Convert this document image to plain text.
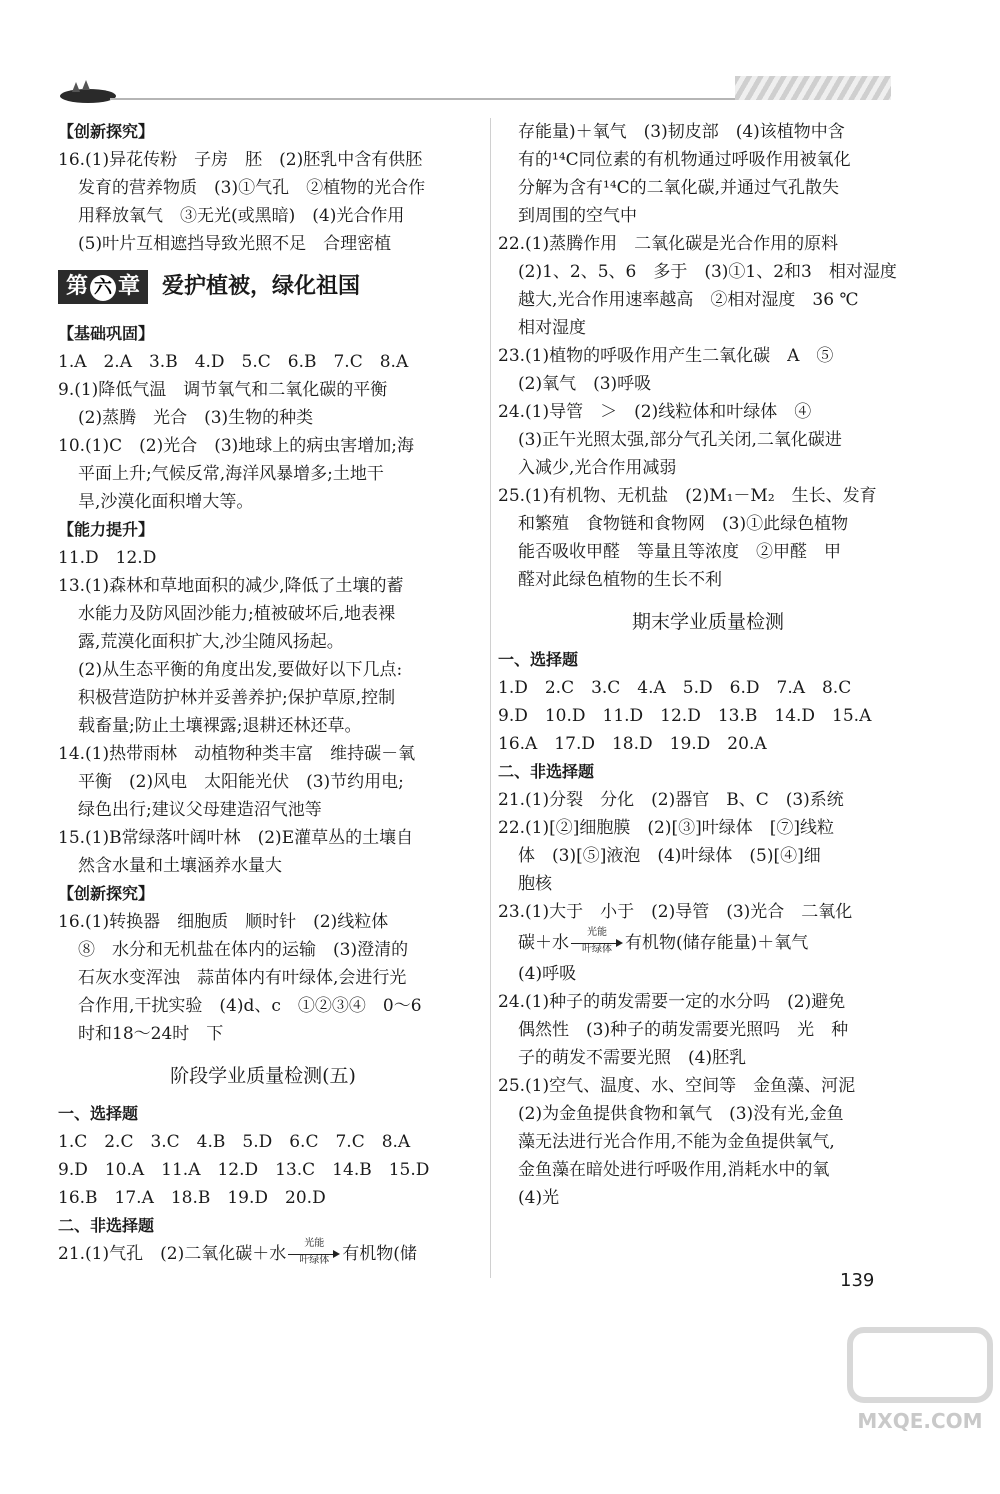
【创新探究】
16.(1)异花传粉　子房　胚　(2)胚乳中含有供胚
发育的营养物质　(3)①气孔　②植物的光合作
用释放氧气　③无光(或黑暗)　(4)光合作用
(5)叶片互相遮挡导致光照不足　合理密植
第 六 章	爱护植被，绿化祖国
【基础巩固】
1.A　2.A　3.B　4.D　5.C　6.B　7.C　8.A
9.(1)降低气温　调节氧气和二氧化碳的平衡
(2)蒸腾　光合　(3)生物的种类
10.(1)C　(2)光合　(3)地球上的病虫害增加;海
平面上升;气候反常,海洋风暴增多;土地干
旱,沙漠化面积增大等。
【能力提升】
11.D　12.D
13.(1)森林和草地面积的减少,降低了土壤的蓄
水能力及防风固沙能力;植被破坏后,地表裸
露,荒漠化面积扩大,沙尘随风扬起。
(2)从生态平衡的角度出发,要做好以下几点:
积极营造防护林并妥善养护;保护草原,控制
载畜量;防止土壤裸露;退耕还林还草。
14.(1)热带雨林　动植物种类丰富　维持碳－氧
平衡　(2)风电　太阳能光伏　(3)节约用电;
绿色出行;建议父母建造沼气池等
15.(1)B常绿落叶阔叶林　(2)E灌草丛的土壤自
然含水量和土壤涵养水量大
【创新探究】
16.(1)转换器　细胞质　顺时针　(2)线粒体
⑧　水分和无机盐在体内的运输　(3)澄清的
石灰水变浑浊　蒜苗体内有叶绿体,会进行光
合作用,干扰实验　(4)d、c　①②③④　0～6
时和18～24时　下
阶段学业质量检测(五)
一、选择题
1.C　2.C　3.C　4.B　5.D　6.C　7.C　8.A
9.D　10.A　11.A　12.D　13.C　14.B　15.D
16.B　17.A　18.B　19.D　20.D
二、非选择题
21.(1)气孔　(2)二氧化碳＋水
光能
叶绿体 有机物(储
存能量)＋氧气　(3)韧皮部　(4)该植物中含
有的¹⁴C同位素的有机物通过呼吸作用被氧化
分解为含有¹⁴C的二氧化碳,并通过气孔散失
到周围的空气中
22.(1)蒸腾作用　二氧化碳是光合作用的原料
(2)1、2、5、6　多于　(3)①1、2和3　相对湿度
越大,光合作用速率越高　②相对湿度　36 ℃
相对湿度
23.(1)植物的呼吸作用产生二氧化碳　A　⑤
(2)氧气　(3)呼吸
24.(1)导管　＞　(2)线粒体和叶绿体　④
(3)正午光照太强,部分气孔关闭,二氧化碳进
入减少,光合作用减弱
25.(1)有机物、无机盐　(2)M₁－M₂　生长、发育
和繁殖　食物链和食物网　(3)①此绿色植物
能否吸收甲醛　等量且等浓度　②甲醛　甲
醛对此绿色植物的生长不利
期末学业质量检测
一、选择题
1.D　2.C　3.C　4.A　5.D　6.D　7.A　8.C
9.D　10.D　11.D　12.D　13.B　14.D　15.A
16.A　17.D　18.D　19.D　20.A
二、非选择题
21.(1)分裂　分化　(2)器官　B、C　(3)系统
22.(1)[②]细胞膜　(2)[③]叶绿体　[⑦]线粒
体　(3)[⑤]液泡　(4)叶绿体　(5)[④]细
胞核
23.(1)大于　小于　(2)导管　(3)光合　二氧化
碳＋水
光能
叶绿体 有机物(储存能量)＋氧气
(4)呼吸
24.(1)种子的萌发需要一定的水分吗　(2)避免
偶然性　(3)种子的萌发需要光照吗　光　种
子的萌发不需要光照　(4)胚乳
25.(1)空气、温度、水、空间等　金鱼藻、河泥
(2)为金鱼提供食物和氧气　(3)没有光,金鱼
藻无法进行光合作用,不能为金鱼提供氧气,
金鱼藻在暗处进行呼吸作用,消耗水中的氧
(4)光
139
MXQE.COM
